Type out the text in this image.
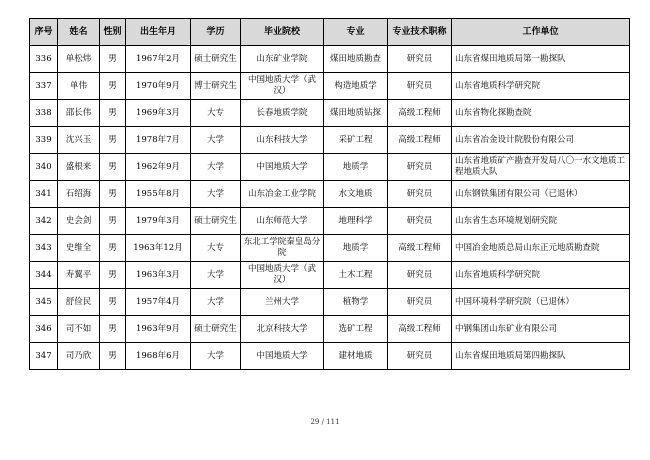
序号	姓名	性别	出生年月	学历	毕业院校	专业	专业技术职称	工作单位
336	单松炜	男	1967年2月	硕士研究生	山东矿业学院	煤田地质勘查	研究员	山东省煤田地质局第一勘探队
337	单伟	男	1970年9月	博士研究生	中国地质大学（武汉）	构造地质学	研究员	山东省地质科学研究院
338	邵长伟	男	1969年3月	大专	长春地质学院	煤田地质钻探	高级工程师	山东省物化探勘查院
339	沈兴玉	男	1978年7月	大学	山东科技大学	采矿工程	高级工程师	山东省冶金设计院股份有限公司
340	盛根来	男	1962年9月	大学	中国地质大学	地质学	研究员	山东省地质矿产勘查开发局八〇一水文地质工程地质大队
341	石绍海	男	1955年8月	大学	山东冶金工业学院	水文地质	研究员	山东钢铁集团有限公司（已退休）
342	史会剑	男	1979年3月	硕士研究生	山东师范大学	地理科学	研究员	山东省生态环境规划研究院
343	史维全	男	1963年12月	大专	东北工学院秦皇岛分院	地质学	高级工程师	中国冶金地质总局山东正元地质勘查院
344	寿翼平	男	1963年3月	大学	中国地质大学（武汉）	土木工程	研究员	山东省地质科学研究院
345	舒俭民	男	1957年4月	大学	兰州大学	植物学	研究员	中国环境科学研究院（已退休）
346	司不如	男	1963年9月	硕士研究生	北京科技大学	选矿工程	高级工程师	中钢集团山东矿业有限公司
347	司乃欣	男	1968年6月	大学	中国地质大学	建材地质	研究员	山东省煤田地质局第四勘探队
29 / 111
